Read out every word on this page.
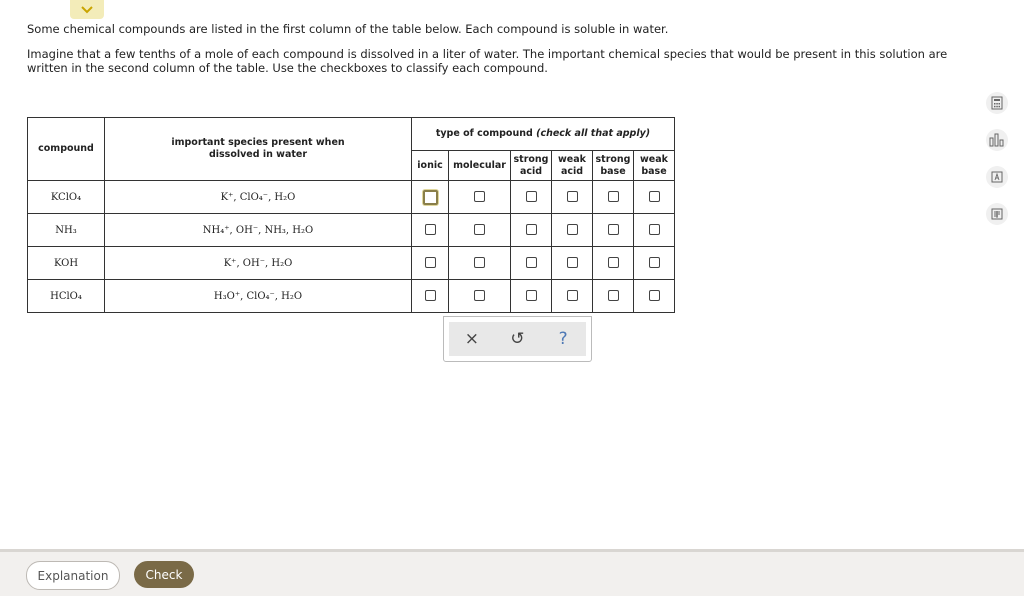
Some chemical compounds are listed in the first column of the table below. Each compound is soluble in water.

Imagine that a few tenths of a mole of each compound is dissolved in a liter of water. The important chemical species that would be present in this solution are written in the second column of the table. Use the checkboxes to classify each compound.

compound	important species present when dissolved in water	type of compound (check all that apply)					
		ionic	molecular	strong acid	weak acid	strong base	weak base
KClO₄	K⁺, ClO₄⁻, H₂O						
NH₃	NH₄⁺, OH⁻, NH₃, H₂O						
KOH	K⁺, OH⁻, H₂O						
HClO₄	H₃O⁺, ClO₄⁻, H₂O						
×	↺	?
Explanation	Check
